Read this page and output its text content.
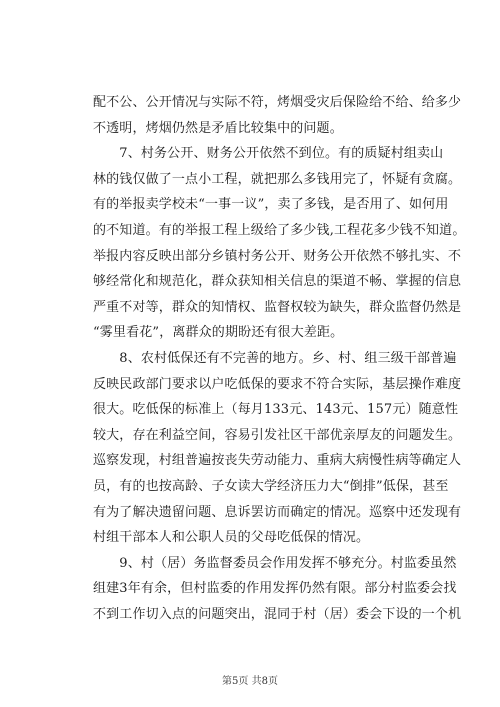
配不公、公开情况与实际不符，烤烟受灾后保险给不给、给多少
不透明，烤烟仍然是矛盾比较集中的问题。
　　7、村务公开、财务公开依然不到位。有的质疑村组卖山
林的钱仅做了一点小工程，就把那么多钱用完了，怀疑有贪腐。
有的举报卖学校未“一事一议”，卖了多钱，是否用了、如何用
的不知道。有的举报工程上级给了多少钱,工程花多少钱不知道。
举报内容反映出部分乡镇村务公开、财务公开依然不够扎实、不
够经常化和规范化，群众获知相关信息的渠道不畅、掌握的信息
严重不对等，群众的知情权、监督权较为缺失，群众监督仍然是
“雾里看花”，离群众的期盼还有很大差距。
　　8、农村低保还有不完善的地方。乡、村、组三级干部普遍
反映民政部门要求以户吃低保的要求不符合实际，基层操作难度
很大。吃低保的标准上（每月133元、143元、157元）随意性
较大，存在利益空间，容易引发社区干部优亲厚友的问题发生。
巡察发现，村组普遍按丧失劳动能力、重病大病慢性病等确定人
员，有的也按高龄、子女读大学经济压力大“倒排”低保，甚至
有为了解决遗留问题、息诉罢访而确定的情况。巡察中还发现有
村组干部本人和公职人员的父母吃低保的情况。
　　9、村（居）务监督委员会作用发挥不够充分。村监委虽然
组建3年有余，但村监委的作用发挥仍然有限。部分村监委会找
不到工作切入点的问题突出，混同于村（居）委会下设的一个机
第5页 共8页
